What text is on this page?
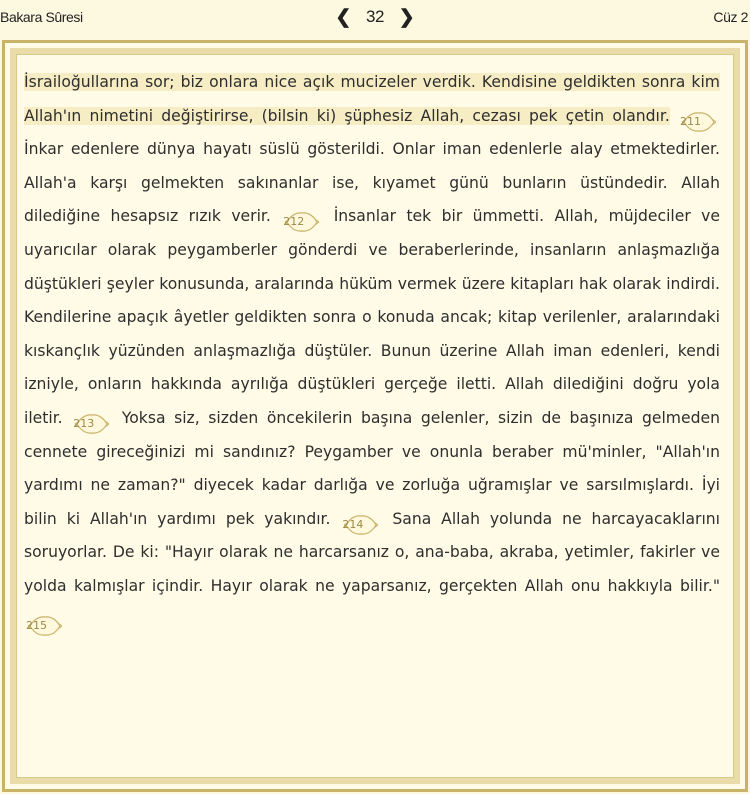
Bakara Sûresi	❮ 32 ❯	Cüz 2
İsrailoğullarına sor; biz onlara nice açık mucizeler verdik. Kendisine geldikten sonra kim Allah'ın nimetini değiştirirse, (bilsin ki) şüphesiz Allah, cezası pek çetin olandır. 211 İnkar edenlere dünya hayatı süslü gösterildi. Onlar iman edenlerle alay etmektedirler. Allah'a karşı gelmekten sakınanlar ise, kıyamet günü bunların üstündedir. Allah dilediğine hesapsız rızık verir. 212 İnsanlar tek bir ümmetti. Allah, müjdeciler ve uyarıcılar olarak peygamberler gönderdi ve beraberlerinde, insanların anlaşmazlığa düştükleri şeyler konusunda, aralarında hüküm vermek üzere kitapları hak olarak indirdi. Kendilerine apaçık âyetler geldikten sonra o konuda ancak; kitap verilenler, aralarındaki kıskançlık yüzünden anlaşmazlığa düştüler. Bunun üzerine Allah iman edenleri, kendi izniyle, onların hakkında ayrılığa düştükleri gerçeğe iletti. Allah dilediğini doğru yola iletir. 213 Yoksa siz, sizden öncekilerin başına gelenler, sizin de başınıza gelmeden cennete gireceğinizi mi sandınız? Peygamber ve onunla beraber mü'minler, "Allah'ın yardımı ne zaman?" diyecek kadar darlığa ve zorluğa uğramışlar ve sarsılmışlardı. İyi bilin ki Allah'ın yardımı pek yakındır. 214 Sana Allah yolunda ne harcayacaklarını soruyorlar. De ki: "Hayır olarak ne harcarsanız o, ana-baba, akraba, yetimler, fakirler ve yolda kalmışlar içindir. Hayır olarak ne yaparsanız, gerçekten Allah onu hakkıyla bilir."
215
